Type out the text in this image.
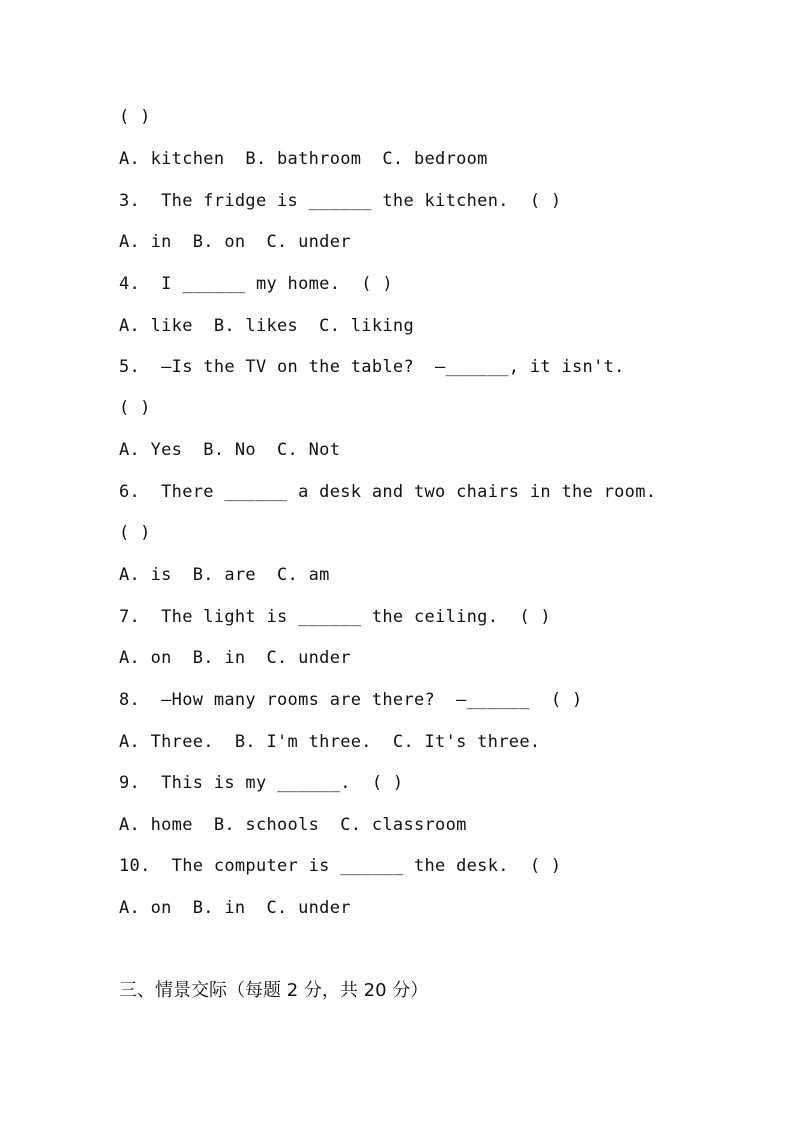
( )
A. kitchen  B. bathroom  C. bedroom
3.  The fridge is ______ the kitchen.  ( )
A. in  B. on  C. under
4.  I ______ my home.  ( )
A. like  B. likes  C. liking
5.  —Is the TV on the table?  —______, it isn't.
( )
A. Yes  B. No  C. Not
6.  There ______ a desk and two chairs in the room.
( )
A. is  B. are  C. am
7.  The light is ______ the ceiling.  ( )
A. on  B. in  C. under
8.  —How many rooms are there?  —______  ( )
A. Three.  B. I'm three.  C. It's three.
9.  This is my ______.  ( )
A. home  B. schools  C. classroom
10.  The computer is ______ the desk.  ( )
A. on  B. in  C. under
三、情景交际（每题 2 分，共 20 分）
